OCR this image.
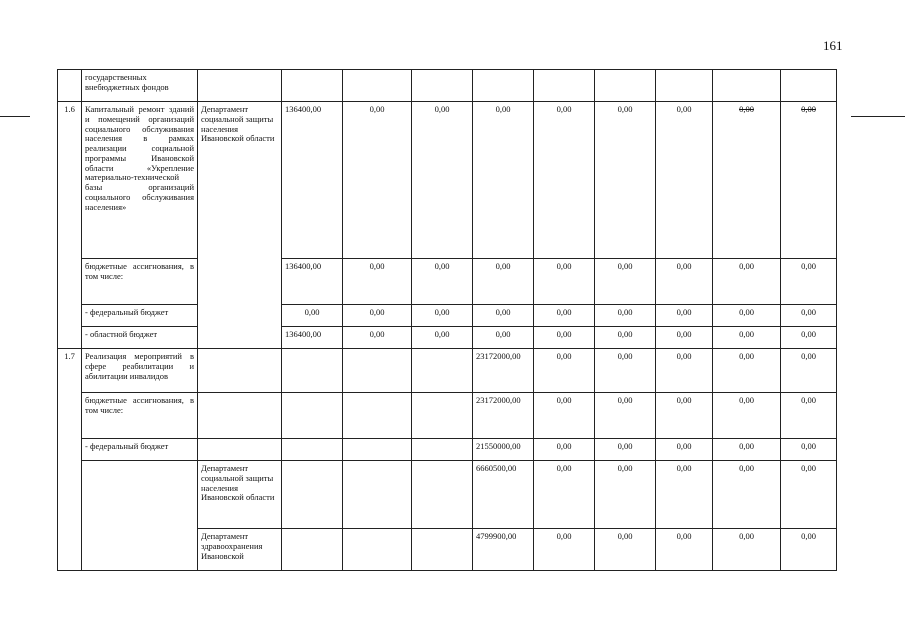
161
	государственных внебюджетных фондов										
1.6	Капитальный ремонт зданий и помещений организаций социального обслуживания населения в рамках реализации социальной программы Ивановской области «Укрепление материально-технической базы организаций социального обслуживания населения»	Департамент социальной защиты населения Ивановской области	136400,00	0,00	0,00	0,00	0,00	0,00	0,00	0,00	0,00
	бюджетные ассигнования, в том числе:		136400,00	0,00	0,00	0,00	0,00	0,00	0,00	0,00	0,00
	- федеральный бюджет		0,00	0,00	0,00	0,00	0,00	0,00	0,00	0,00	0,00
	- областной бюджет		136400,00	0,00	0,00	0,00	0,00	0,00	0,00	0,00	0,00
1.7	Реализация мероприятий в сфере реабилитации и абилитации инвалидов					23172000,00	0,00	0,00	0,00	0,00	0,00
	бюджетные ассигнования, в том числе:					23172000,00	0,00	0,00	0,00	0,00	0,00
	- федеральный бюджет					21550000,00	0,00	0,00	0,00	0,00	0,00
		Департамент социальной защиты населения Ивановской области				6660500,00	0,00	0,00	0,00	0,00	0,00
		Департамент здравоохранения Ивановской				4799900,00	0,00	0,00	0,00	0,00	0,00
